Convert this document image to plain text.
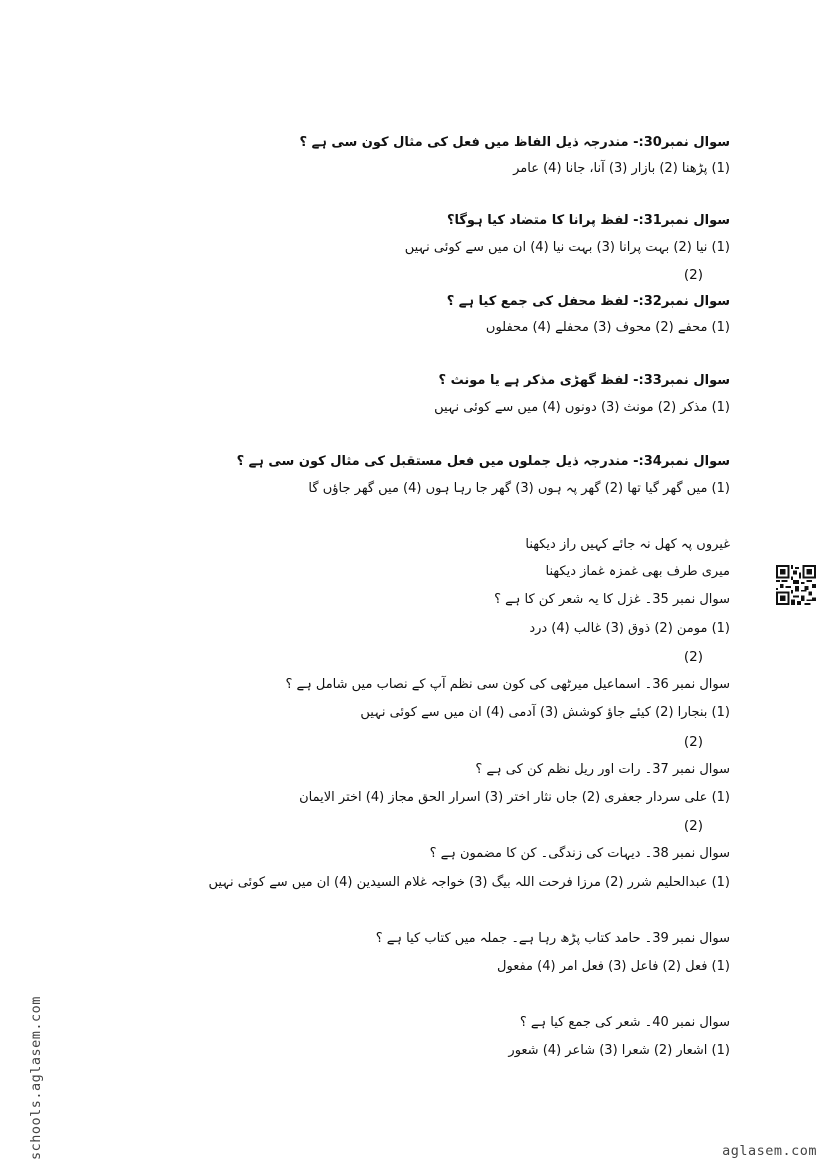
سوال نمبر30:- مندرجہ ذیل الفاظ میں فعل کی مثال کون سی ہے ؟
(1) پڑھنا (2) بازار (3) آنا، جانا (4) عامر
سوال نمبر31:- لفظ پرانا کا متضاد کیا ہوگا؟
(1) نیا (2) بہت پرانا (3) بہت نیا (4) ان میں سے کوئی نہیں
(2)
سوال نمبر32:- لفظ محفل کی جمع کیا ہے ؟
(1) محفے (2) محوف (3) محفلے (4) محفلوں
سوال نمبر33:- لفظ گھڑی مذکر ہے یا مونث ؟
(1) مذکر (2) مونث (3) دونوں (4) میں سے کوئی نہیں
سوال نمبر34:- مندرجہ ذیل جملوں میں فعل مستقبل کی مثال کون سی ہے ؟
(1) میں گھر گیا تھا (2) گھر پہ ہوں (3) گھر جا رہا ہوں (4) میں گھر جاؤں گا
غیروں پہ کھل نہ جائے کہیں راز دیکھنا
میری طرف بھی غمزہ غماز دیکھنا
سوال نمبر 35۔ غزل کا یہ شعر کن کا ہے ؟
(1) مومن (2) ذوق (3) غالب (4) درد
(2)
سوال نمبر 36۔ اسماعیل میرٹھی کی کون سی نظم آپ کے نصاب میں شامل ہے ؟
(1) بنجارا (2) کیئے جاؤ کوشش (3) آدمی (4) ان میں سے کوئی نہیں
(2)
سوال نمبر 37۔ رات اور ریل نظم کن کی ہے ؟
(1) علی سردار جعفری (2) جاں نثار اختر (3) اسرار الحق مجاز (4) اختر الایمان
(2)
سوال نمبر 38۔ دیہات کی زندگی۔ کن کا مضمون ہے ؟
(1) عبدالحلیم شرر (2) مرزا فرحت اللہ بیگ (3) خواجہ غلام السیدین (4) ان میں سے کوئی نہیں
سوال نمبر 39۔ حامد کتاب پڑھ رہا ہے۔ جملہ میں کتاب کیا ہے ؟
(1) فعل (2) فاعل (3) فعل امر (4) مفعول
سوال نمبر 40۔ شعر کی جمع کیا ہے ؟
(1) اشعار (2) شعرا (3) شاعر (4) شعور
schools.aglasem.com	aglasem.com
